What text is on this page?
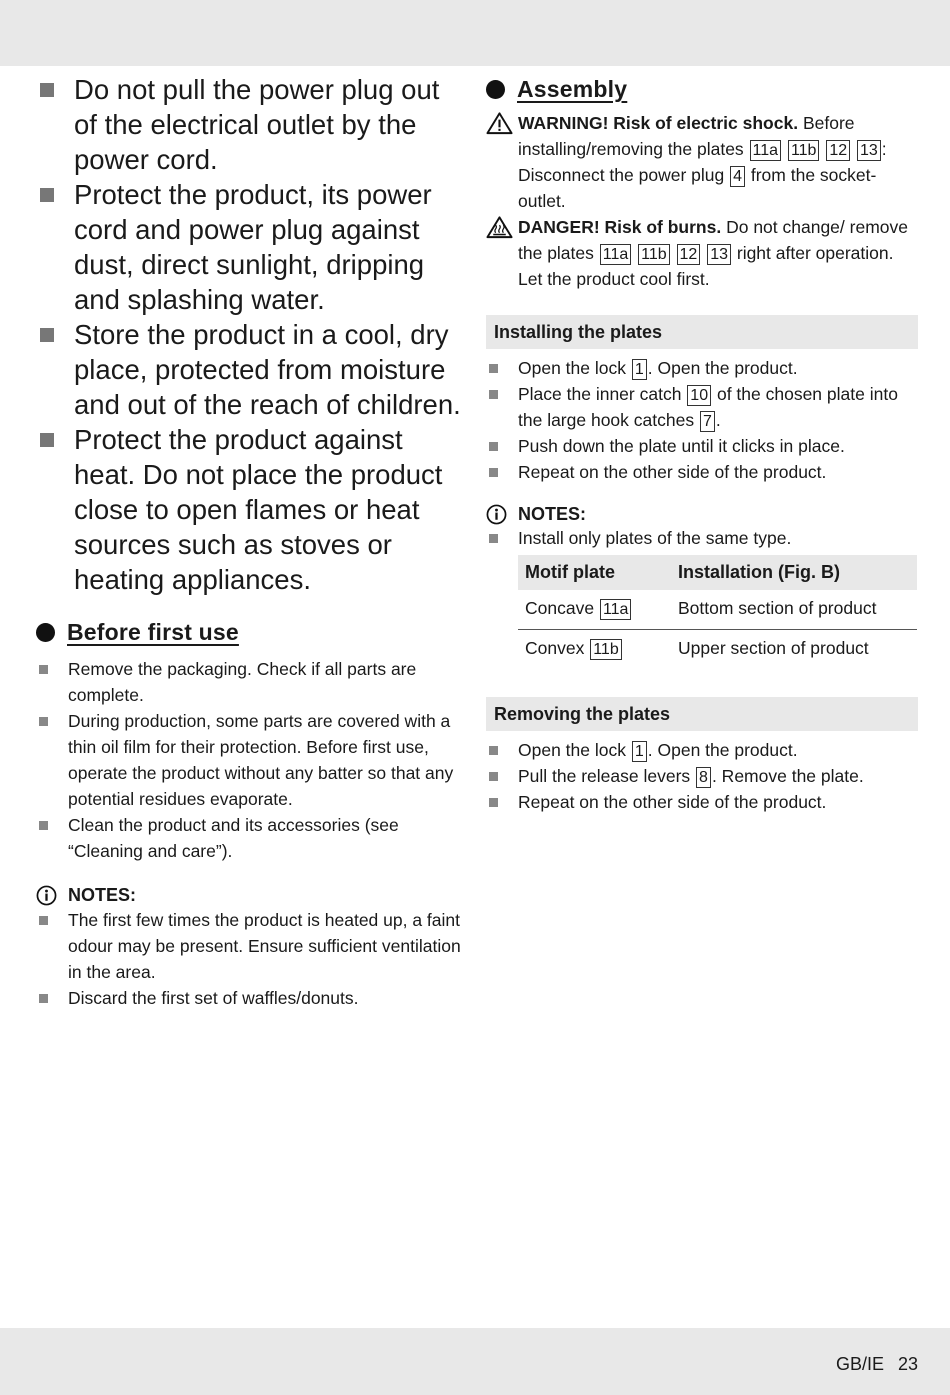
Do not pull the power plug out of the electrical outlet by the power cord.
Protect the product, its power cord and power plug against dust, direct sunlight, dripping and splashing water.
Store the product in a cool, dry place, protected from moisture and out of the reach of children.
Protect the product against heat. Do not place the product close to open flames or heat sources such as stoves or heating appliances.
Before first use
Remove the packaging. Check if all parts are complete.
During production, some parts are covered with a thin oil film for their protection. Before first use, operate the product without any batter so that any potential residues evaporate.
Clean the product and its accessories (see “Cleaning and care”).
NOTES:
The first few times the product is heated up, a faint odour may be present. Ensure sufficient ventilation in the area.
Discard the first set of waffles/donuts.
Assembly
WARNING! Risk of electric shock. Before installing/removing the plates 11a 11b 12 13 : Disconnect the power plug 4 from the socket-outlet.
DANGER! Risk of burns. Do not change/ remove the plates 11a 11b 12 13 right after operation. Let the product cool first.
Installing the plates
Open the lock 1 . Open the product.
Place the inner catch 10 of the chosen plate into the large hook catches 7 .
Push down the plate until it clicks in place.
Repeat on the other side of the product.
NOTES:
Install only plates of the same type.
Motif plate	Installation (Fig. B)
Concave 11a	Bottom section of product
Convex 11b	Upper section of product
Removing the plates
Open the lock 1 . Open the product.
Pull the release levers 8 . Remove the plate.
Repeat on the other side of the product.
GB/IE 23
